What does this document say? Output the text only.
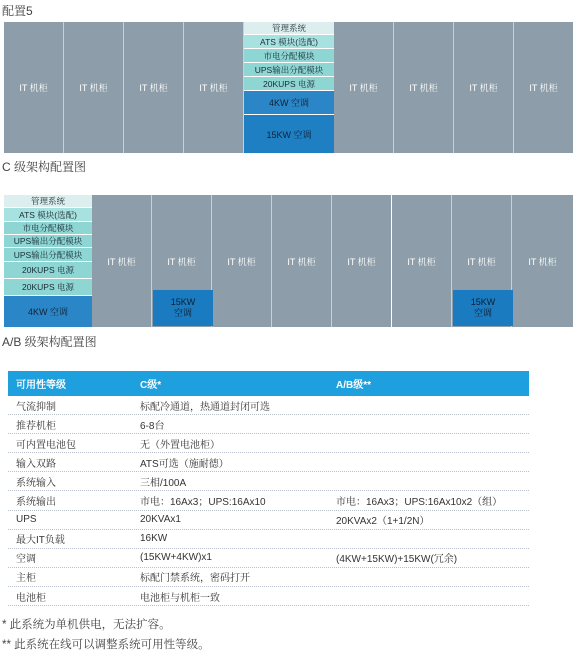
配置5
IT 机柜	IT 机柜	IT 机柜	IT 机柜
管理系统
ATS 模块(选配)
市电分配模块
UPS输出分配模块
20KUPS 电源
4KW 空调
15KW 空调
IT 机柜	IT 机柜	IT 机柜	IT 机柜
C 级架构配置图
管理系统
ATS 模块(选配)
市电分配模块
UPS输出分配模块
UPS输出分配模块
20KUPS 电源
20KUPS 电源
4KW 空调
IT 机柜	IT 机柜	IT 机柜	IT 机柜	IT 机柜	IT 机柜	IT 机柜	IT 机柜
15KW
空调
15KW
空调
A/B 级架构配置图
可用性等级	C级*	A/B级**
气流抑制	标配冷通道，热通道封闭可选
推荐机柜	6-8台
可内置电池包	无（外置电池柜）
输入双路	ATS可选（施耐德）
系统输入	三相/100A
系统输出	市电：16Ax3；UPS:16Ax10	市电：16Ax3；UPS:16Ax10x2（组）
UPS	20KVAx1	20KVAx2（1+1/2N）
最大IT负载	16KW
空调	(15KW+4KW)x1	(4KW+15KW)+15KW(冗余)
主柜	标配门禁系统，密码打开
电池柜	电池柜与机柜一致
* 此系统为单机供电，无法扩容。
** 此系统在线可以调整系统可用性等级。
